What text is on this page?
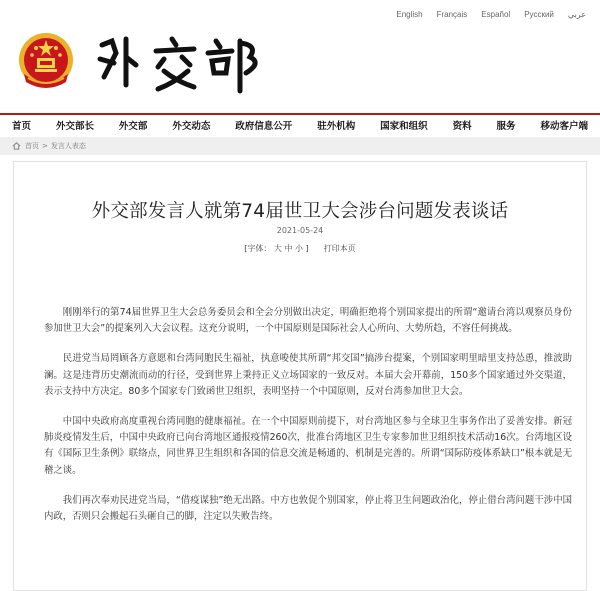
English Français Español Русский عربي
首页	外交部长	外交部	外交动态	政府信息公开	驻外机构	国家和组织	资料	服务	移动客户端
首页 > 发言人表态
外交部发言人就第74届世卫大会涉台问题发表谈话
2021-05-24
[字体： 大 中 小 ] 打印本页

刚刚举行的第74届世界卫生大会总务委员会和全会分别做出决定，明确拒绝将个别国家提出的所谓“邀请台湾以观察员身份参加世卫大会”的提案列入大会议程。这充分说明，一个中国原则是国际社会人心所向、大势所趋，不容任何挑战。

民进党当局罔顾各方意愿和台湾同胞民生福祉，执意唆使其所谓“邦交国”搞涉台提案，个别国家明里暗里支持怂恿，推波助澜。这是违背历史潮流而动的行径，受到世界上秉持正义立场国家的一致反对。本届大会开幕前，150多个国家通过外交渠道，表示支持中方决定。80多个国家专门致函世卫组织，表明坚持一个中国原则，反对台湾参加世卫大会。

中国中央政府高度重视台湾同胞的健康福祉。在一个中国原则前提下，对台湾地区参与全球卫生事务作出了妥善安排。新冠肺炎疫情发生后，中国中央政府已向台湾地区通报疫情260次，批准台湾地区卫生专家参加世卫组织技术活动16次。台湾地区设有《国际卫生条例》联络点，同世界卫生组织和各国的信息交流是畅通的、机制是完善的。所谓“国际防疫体系缺口”根本就是无稽之谈。

我们再次奉劝民进党当局，“借疫谋独”绝无出路。中方也敦促个别国家，停止将卫生问题政治化，停止借台湾问题干涉中国内政，否则只会搬起石头砸自己的脚，注定以失败告终。
